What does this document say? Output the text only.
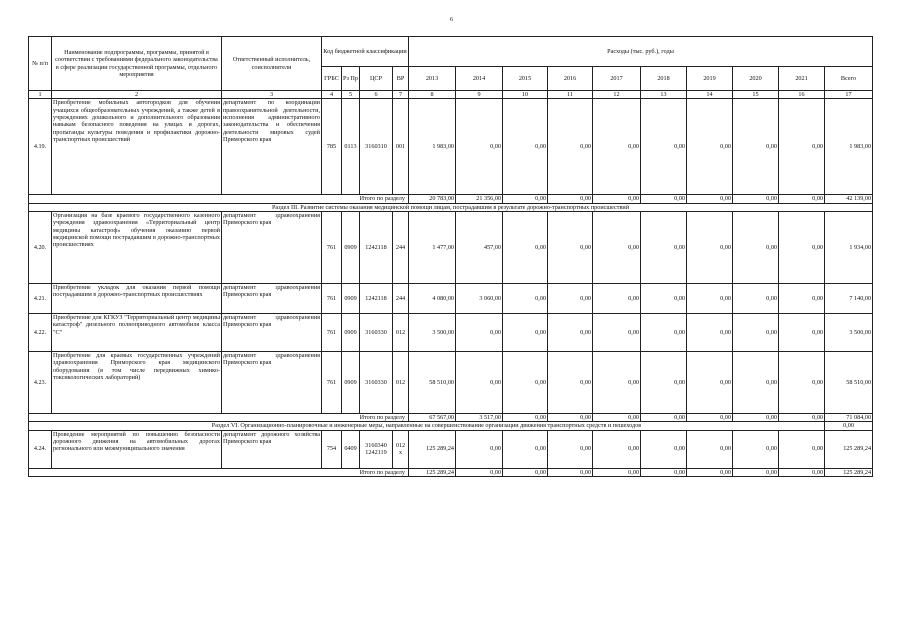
6
№ п/п	Наименование подпрограммы, программы, принятой в соответствии с требованиями федерального законодательства в сфере реализации государственной программы, отдельного мероприятия	Ответственный исполнитель, соисполнители	Код бюджетной классификации				Расходы (тыс. руб.), годы									
			ГРБС	Рз Пр	ЦСР	ВР	2013	2014	2015	2016	2017	2018	2019	2020	2021	Всего
1	2	3	4	5	6	7	8	9	10	11	12	13	14	15	16	17
4.19.	Приобретение мобильных автогородков для обучения учащихся общеобразовательных учреждений, а также детей в учреждениях дошкольного и дополнительного образования навыкам безопасного поведения на улицах и дорогах, пропаганды культуры поведения и профилактики дорожно-транспортных происшествий	департамент по координации правоохранительной деятельности, исполнения административного законодательства и обеспечения деятельности мировых судей Приморского края	785	0113	3160310	001	1 983,00	0,00	0,00	0,00	0,00	0,00	0,00	0,00	0,00	1 983,00
Итого по разделу							20 783,00	21 356,00	0,00	0,00	0,00	0,00	0,00	0,00	0,00	42 139,00
Раздел III. Развитие системы оказания медицинской помощи лицам, пострадавшим в результате дорожно-транспортных происшествий																
4.20.	Организация на базе краевого государственного казенного учреждения здравоохранения «Территориальный центр медицины катастроф» обучения оказанию первой медицинской помощи пострадавшим в дорожно-транспортных происшествиях	департамент здравоохранения Приморского края	761	0909	1242118	244	1 477,00	457,00	0,00	0,00	0,00	0,00	0,00	0,00	0,00	1 934,00
4.21.	Приобретение укладок для оказания первой помощи пострадавшим в дорожно-транспортных происшествиях	департамент здравоохранения Приморского края	761	0909	1242118	244	4 080,00	3 060,00	0,00	0,00	0,00	0,00	0,00	0,00	0,00	7 140,00
4.22.	Приобретение для КГКУЗ "Территориальный центр медицины катастроф" дизельного полноприводного автомобиля класса "С"	департамент здравоохранения Приморского края	761	0909	3160330	012	3 500,00	0,00	0,00	0,00	0,00	0,00	0,00	0,00	0,00	3 500,00
4.23.	Приобретение для краевых государственных учреждений здравоохранения Приморского края медицинского оборудования (в том числе передвижных химико-токсикологических лабораторий)	департамент здравоохранения Приморского края	761	0909	3160330	012	58 510,00	0,00	0,00	0,00	0,00	0,00	0,00	0,00	0,00	58 510,00
Итого по разделу							67 567,00	3 517,00	0,00	0,00	0,00	0,00	0,00	0,00	0,00	71 084,00
Раздел VI. Организационно-планировочные и инженерные меры, направленные на совершенствование организации движения транспортных средств и пешеходов																0,00
4.24.	Проведение мероприятий по повышению безопасности дорожного движения на автомобильных дорогах регионального или межмуниципального значения	департамент дорожного хозяйства Приморского края	754	0409	3160340 1242119	012 x	125 289,24	0,00	0,00	0,00	0,00	0,00	0,00	0,00	0,00	125 289,24
Итого по разделу							125 289,24	0,00	0,00	0,00	0,00	0,00	0,00	0,00	0,00	125 289,24
